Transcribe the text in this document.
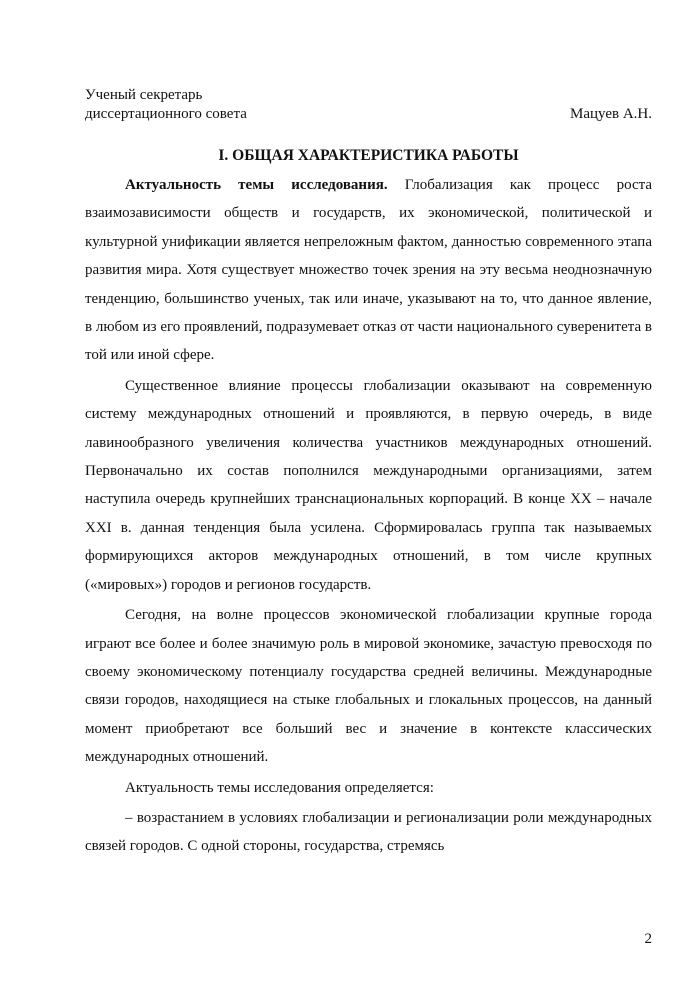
Ученый секретарь
диссертационного совета	Мацуев А.Н.
I. ОБЩАЯ ХАРАКТЕРИСТИКА РАБОТЫ

Актуальность темы исследования. Глобализация как процесс роста взаимозависимости обществ и государств, их экономической, политической и культурной унификации является непреложным фактом, данностью современного этапа развития мира. Хотя существует множество точек зрения на эту весьма неоднозначную тенденцию, большинство ученых, так или иначе, указывают на то, что данное явление, в любом из его проявлений, подразумевает отказ от части национального суверенитета в той или иной сфере.

Существенное влияние процессы глобализации оказывают на современную систему международных отношений и проявляются, в первую очередь, в виде лавинообразного увеличения количества участников международных отношений. Первоначально их состав пополнился международными организациями, затем наступила очередь крупнейших транснациональных корпораций. В конце XX – начале XXI в. данная тенденция была усилена. Сформировалась группа так называемых формирующихся акторов международных отношений, в том числе крупных («мировых») городов и регионов государств.

Сегодня, на волне процессов экономической глобализации крупные города играют все более и более значимую роль в мировой экономике, зачастую превосходя по своему экономическому потенциалу государства средней величины. Международные связи городов, находящиеся на стыке глобальных и глокальных процессов, на данный момент приобретают все больший вес и значение в контексте классических международных отношений.

Актуальность темы исследования определяется:

– возрастанием в условиях глобализации и регионализации роли международных связей городов. С одной стороны, государства, стремясь

2
